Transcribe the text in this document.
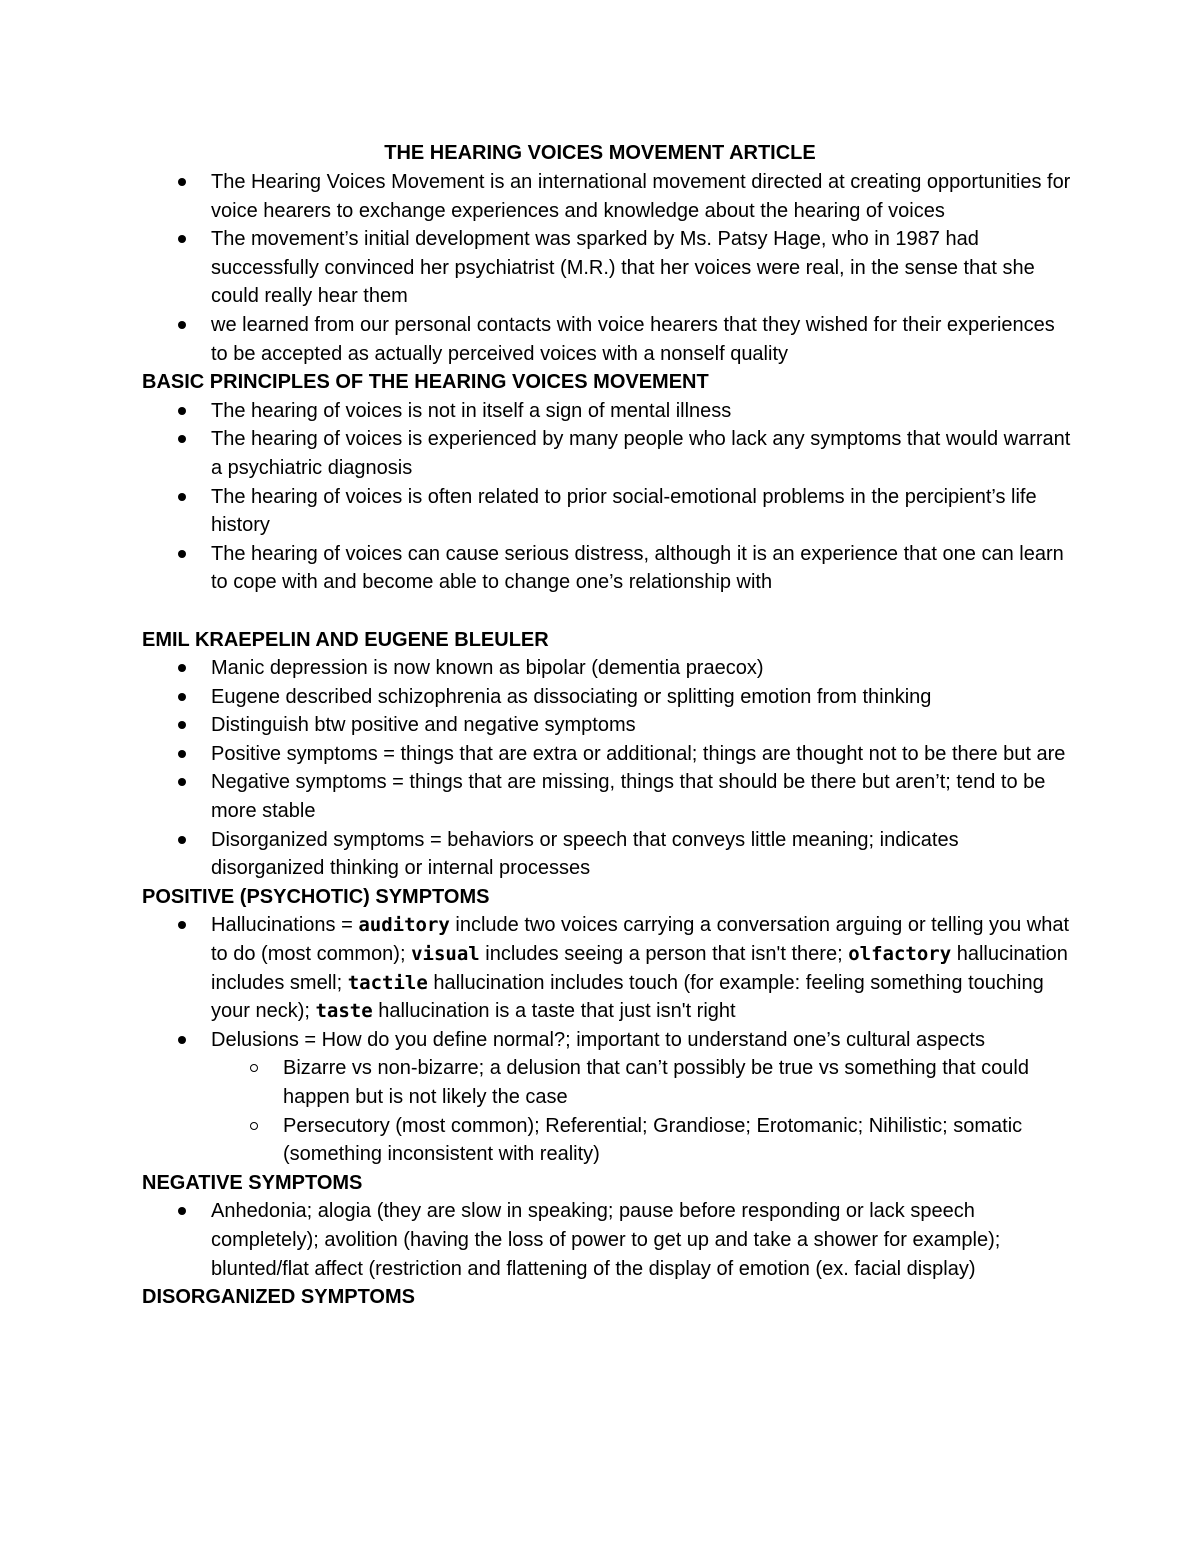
THE HEARING VOICES MOVEMENT ARTICLE
The Hearing Voices Movement is an international movement directed at creating opportunities for voice hearers to exchange experiences and knowledge about the hearing of voices
The movement’s initial development was sparked by Ms. Patsy Hage, who in 1987 had successfully convinced her psychiatrist (M.R.) that her voices were real, in the sense that she could really hear them
we learned from our personal contacts with voice hearers that they wished for their experiences to be accepted as actually perceived voices with a nonself quality
BASIC PRINCIPLES OF THE HEARING VOICES MOVEMENT
The hearing of voices is not in itself a sign of mental illness
The hearing of voices is experienced by many people who lack any symptoms that would warrant a psychiatric diagnosis
The hearing of voices is often related to prior social-emotional problems in the percipient’s life history
The hearing of voices can cause serious distress, although it is an experience that one can learn to cope with and become able to change one’s relationship with
EMIL KRAEPELIN AND EUGENE BLEULER
Manic depression is now known as bipolar (dementia praecox)
Eugene described schizophrenia as dissociating or splitting emotion from thinking
Distinguish btw positive and negative symptoms
Positive symptoms = things that are extra or additional; things are thought not to be there but are
Negative symptoms = things that are missing, things that should be there but aren’t; tend to be more stable
Disorganized symptoms = behaviors or speech that conveys little meaning; indicates disorganized thinking or internal processes
POSITIVE (PSYCHOTIC) SYMPTOMS
Hallucinations = auditory include two voices carrying a conversation arguing or telling you what to do (most common); visual includes seeing a person that isn't there; olfactory hallucination includes smell; tactile hallucination includes touch (for example: feeling something touching your neck); taste hallucination is a taste that just isn't right
Delusions = How do you define normal?; important to understand one’s cultural aspects
Bizarre vs non-bizarre; a delusion that can’t possibly be true vs something that could happen but is not likely the case
Persecutory (most common); Referential; Grandiose; Erotomanic; Nihilistic; somatic (something inconsistent with reality)
NEGATIVE SYMPTOMS
Anhedonia; alogia (they are slow in speaking; pause before responding or lack speech completely); avolition (having the loss of power to get up and take a shower for example); blunted/flat affect (restriction and flattening of the display of emotion (ex. facial display)
DISORGANIZED SYMPTOMS
